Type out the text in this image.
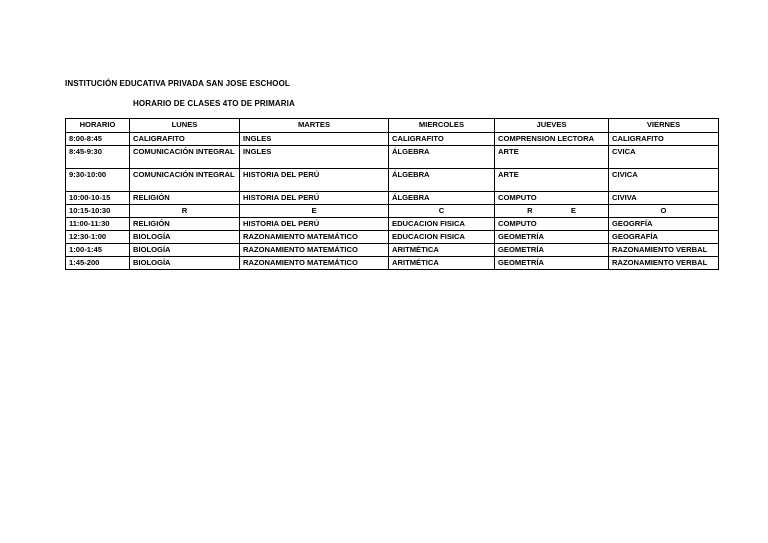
INSTITUCIÓN EDUCATIVA PRIVADA SAN JOSE ESCHOOL
HORARIO DE CLASES 4TO DE PRIMARIA
HORARIO	LUNES	MARTES	MIERCOLES	JUEVES	VIERNES
8:00-8:45	CALIGRAFITO	INGLES	CALIGRAFITO	COMPRENSION LECTORA	CALIGRAFITO
8:45-9:30	COMUNICACIÓN INTEGRAL	INGLES	ÁLGEBRA	ARTE	CVICA
9:30-10:00	COMUNICACIÓN INTEGRAL	HISTORIA DEL PERÚ	ÁLGEBRA	ARTE	CIVICA
10:00-10-15	RELIGIÓN	HISTORIA DEL PERÚ	ÁLGEBRA	COMPUTO	CIVIVA
10:15-10:30	R	E	C	R E	O
11:00-11:30	RELIGIÓN	HISTORIA DEL PERÚ	EDUCACION FISICA	COMPUTO	GEOGRFÍA
12:30-1:00	BIOLOGÍA	RAZONAMIENTO MATEMÁTICO	EDUCACION FISICA	GEOMETRÍA	GEOGRAFÍA
1:00-1:45	BIOLOGÍA	RAZONAMIENTO MATEMÁTICO	ARITMÉTICA	GEOMETRÍA	RAZONAMIENTO VERBAL
1:45-200	BIOLOGÍA	RAZONAMIENTO MATEMÁTICO	ARITMÉTICA	GEOMETRÍA	RAZONAMIENTO VERBAL
